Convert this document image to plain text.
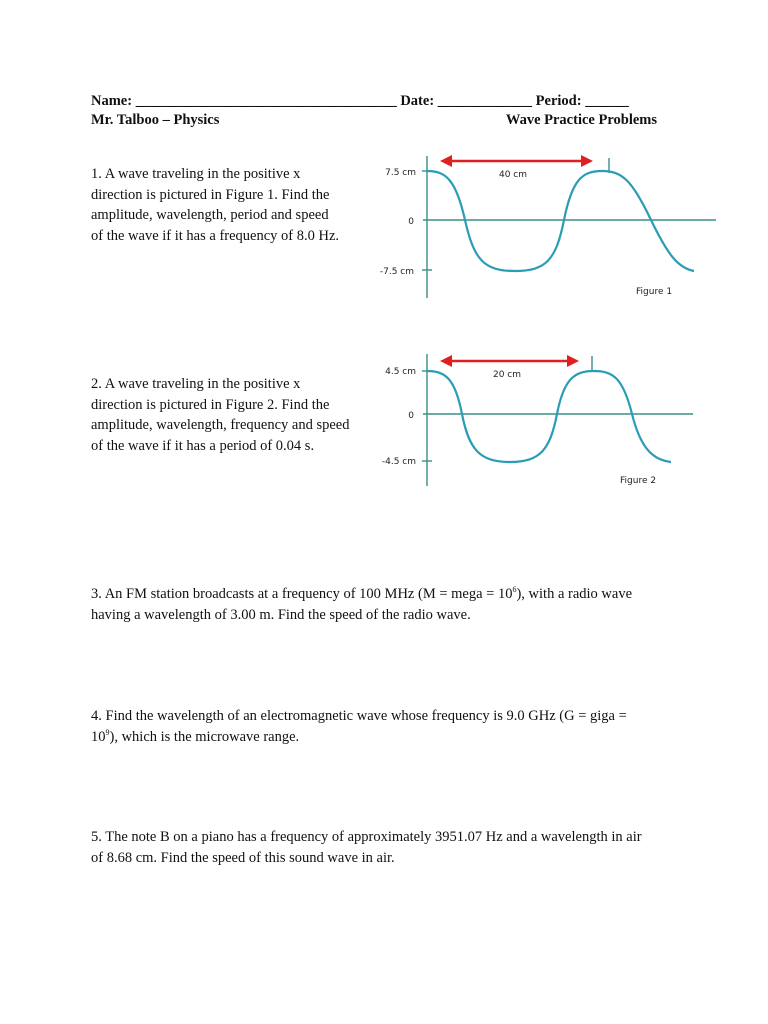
Name: ____________________________________ Date: _____________ Period: ______
Mr. Talboo – Physics	Wave Practice Problems

1. A wave traveling in the positive x

direction is pictured in Figure 1. Find the

amplitude, wavelength, period and speed

of the wave if it has a frequency of 8.0 Hz.

7.5 cm
0
-7.5 cm
40 cm
Figure 1

2. A wave traveling in the positive x

direction is pictured in Figure 2. Find the

amplitude, wavelength, frequency and speed

of the wave if it has a period of 0.04 s.

4.5 cm
0
-4.5 cm
20 cm
Figure 2

3. An FM station broadcasts at a frequency of 100 MHz (M = mega = $10^6$), with a radio wave

having a wavelength of 3.00 m. Find the speed of the radio wave.

4. Find the wavelength of an electromagnetic wave whose frequency is 9.0 GHz (G = giga =

$10^9$), which is the microwave range.

5. The note B on a piano has a frequency of approximately 3951.07 Hz and a wavelength in air

of 8.68 cm. Find the speed of this sound wave in air.
